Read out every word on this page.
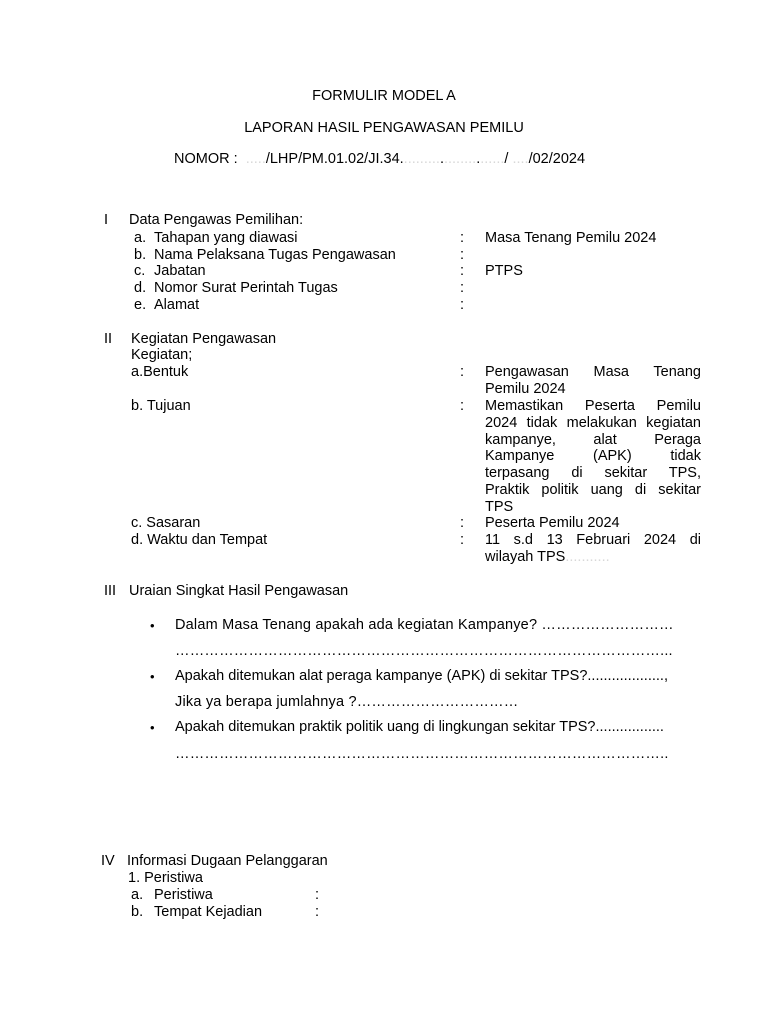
FORMULIR MODEL A
LAPORAN HASIL PENGAWASAN PEMILU
NOMOR :  ...../LHP/PM.01.02/JI.34........................../ ..../02/2024
I Data Pengawas Pemilihan:
a. Tahapan yang diawasi	: Masa Tenang Pemilu 2024
b. Nama Pelaksana Tugas Pengawasan	:
c. Jabatan	: PTPS
d. Nomor Surat Perintah Tugas	:
e. Alamat	:
II Kegiatan Pengawasan
Kegiatan;
a.Bentuk	: Pengawasan Masa Tenang
Pemilu 2024
b. Tujuan	: Memastikan Peserta Pemilu
2024 tidak melakukan kegiatan
kampanye, alat Peraga
Kampanye (APK) tidak
terpasang di sekitar TPS,
Praktik politik uang di sekitar
TPS
c. Sasaran	: Peserta Pemilu 2024
d. Waktu dan Tempat	: 11 s.d 13 Februari 2024 di
wilayah TPS...........
III Uraian Singkat Hasil Pengawasan
• Dalam Masa Tenang apakah ada kegiatan Kampanye? ………………………
………………………………………………………………………………………...
• Apakah ditemukan alat peraga kampanye (APK) di sekitar TPS?...................,
Jika ya berapa jumlahnya ?……………………………
• Apakah ditemukan praktik politik uang di lingkungan sekitar TPS?.................
………………………………………………………………………………………..
IV Informasi Dugaan Pelanggaran
1. Peristiwa
a. Peristiwa	:
b. Tempat Kejadian	:
